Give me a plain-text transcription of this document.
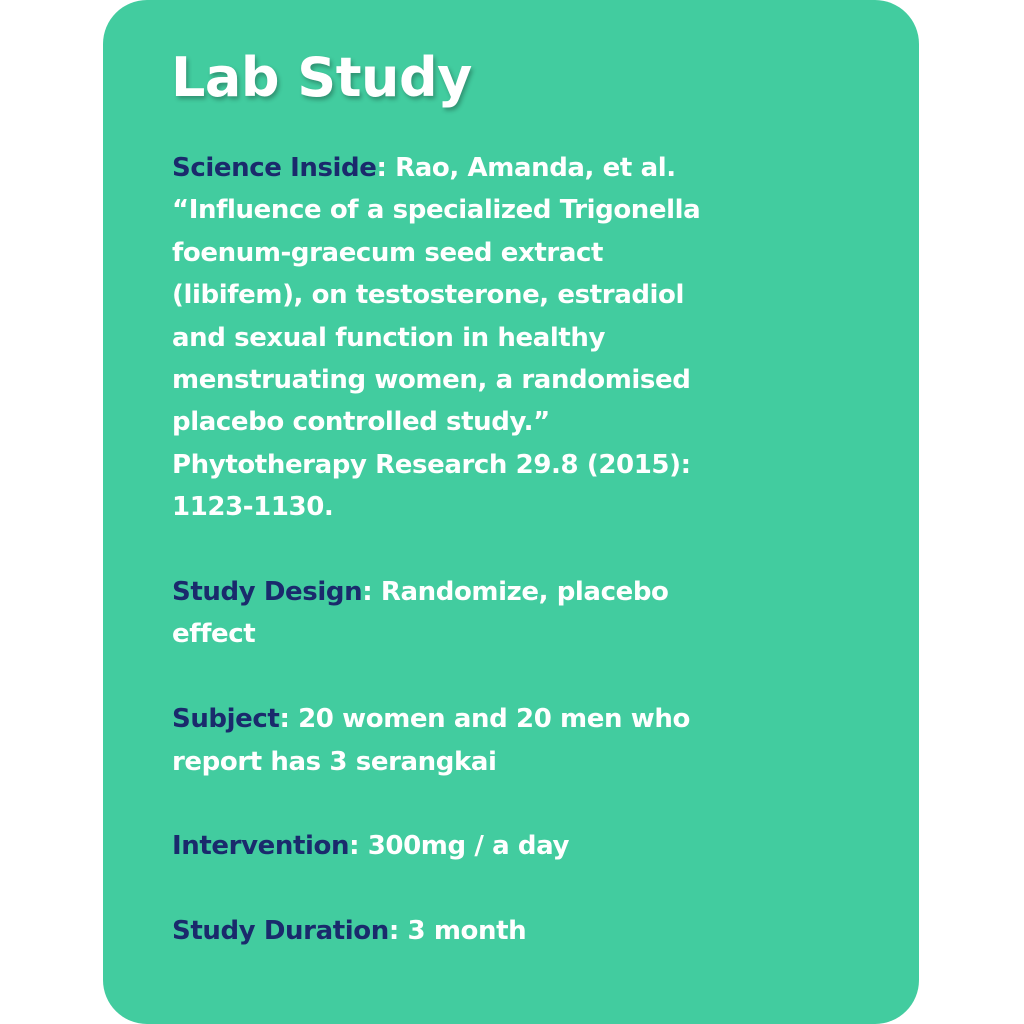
Lab Study
Science Inside: Rao, Amanda, et al.
“Influence of a specialized Trigonella
foenum-graecum seed extract
(libifem), on testosterone, estradiol
and sexual function in healthy
menstruating women, a randomised
placebo controlled study.”
Phytotherapy Research 29.8 (2015):
1123-1130.
Study Design: Randomize, placebo
effect
Subject: 20 women and 20 men who
report has 3 serangkai
Intervention: 300mg / a day
Study Duration: 3 month
